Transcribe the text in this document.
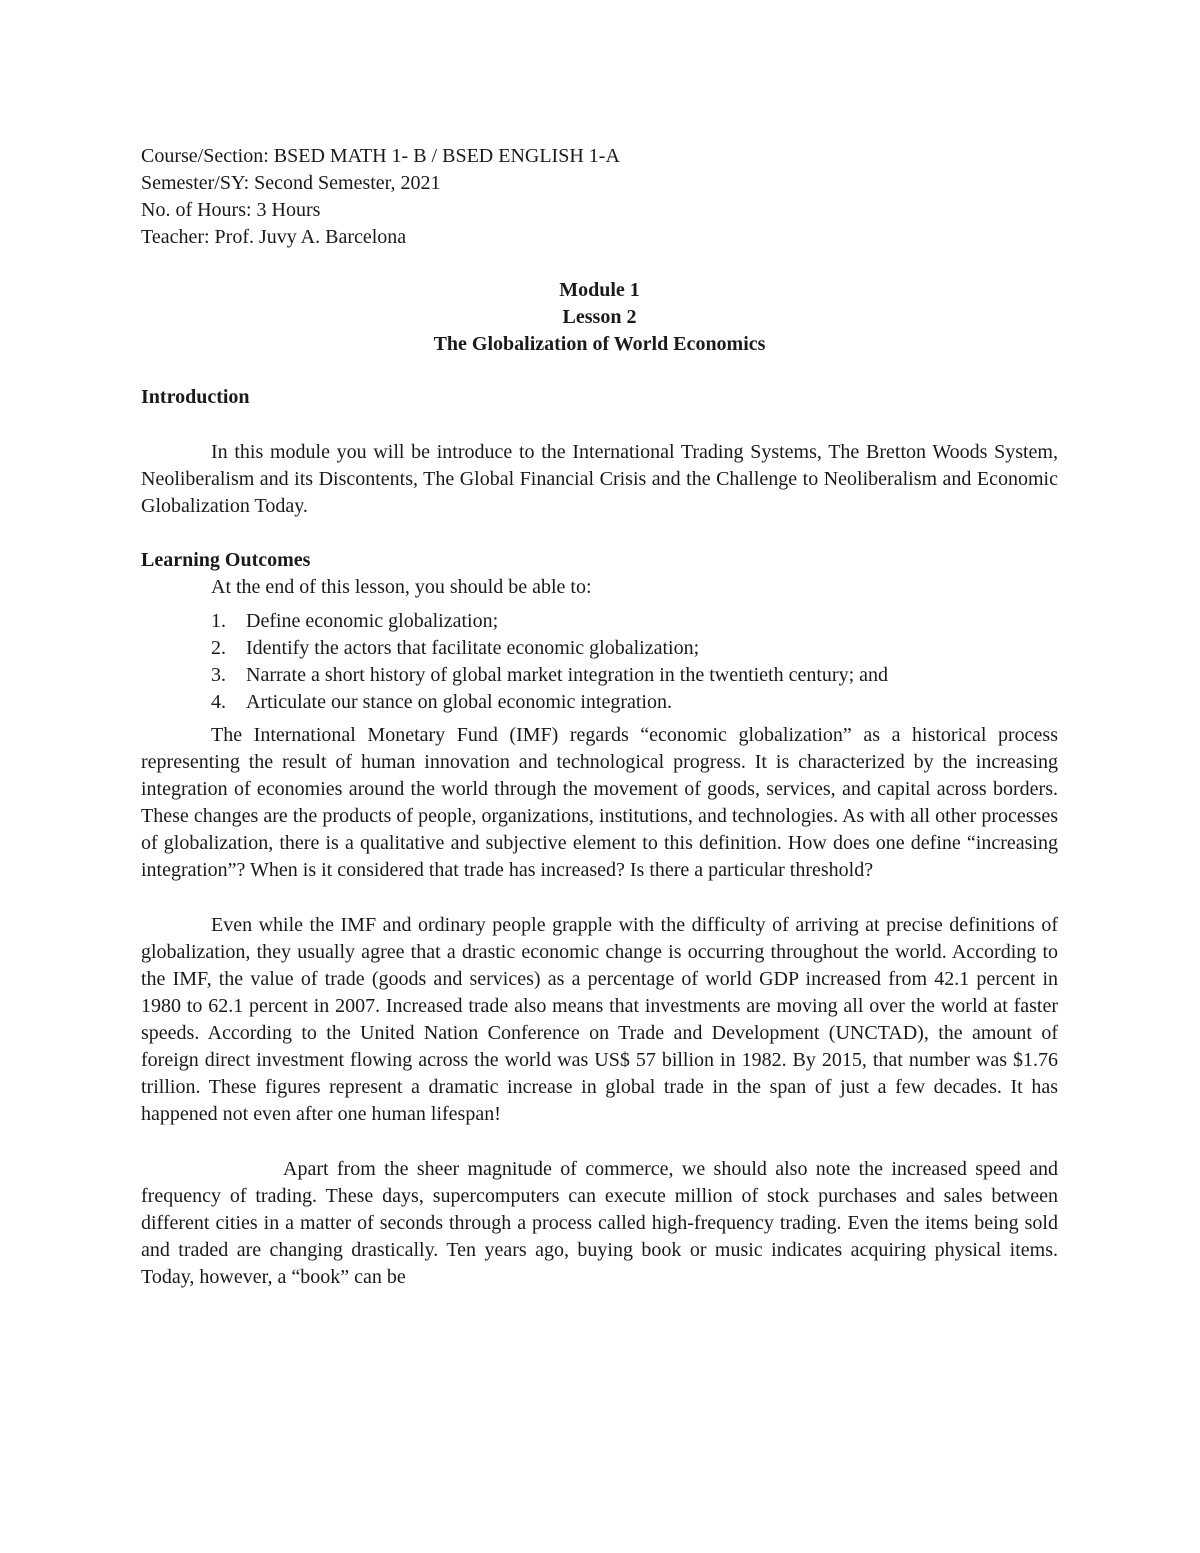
Course/Section: BSED MATH 1- B / BSED ENGLISH 1-A

Semester/SY: Second Semester, 2021

No. of Hours: 3 Hours

Teacher: Prof. Juvy A. Barcelona

Module 1
Lesson 2
The Globalization of World Economics

Introduction

In this module you will be introduce to the International Trading Systems, The Bretton Woods System, Neoliberalism and its Discontents, The Global Financial Crisis and the Challenge to Neoliberalism and Economic Globalization Today.

Learning Outcomes

At the end of this lesson, you should be able to:

1. Define economic globalization;
2. Identify the actors that facilitate economic globalization;
3. Narrate a short history of global market integration in the twentieth century; and
4. Articulate our stance on global economic integration.

The International Monetary Fund (IMF) regards “economic globalization” as a historical process representing the result of human innovation and technological progress. It is characterized by the increasing integration of economies around the world through the movement of goods, services, and capital across borders. These changes are the products of people, organizations, institutions, and technologies. As with all other processes of globalization, there is a qualitative and subjective element to this definition. How does one define “increasing integration”? When is it considered that trade has increased? Is there a particular threshold?

Even while the IMF and ordinary people grapple with the difficulty of arriving at precise definitions of globalization, they usually agree that a drastic economic change is occurring throughout the world. According to the IMF, the value of trade (goods and services) as a percentage of world GDP increased from 42.1 percent in 1980 to 62.1 percent in 2007. Increased trade also means that investments are moving all over the world at faster speeds. According to the United Nation Conference on Trade and Development (UNCTAD), the amount of foreign direct investment flowing across the world was US$ 57 billion in 1982. By 2015, that number was $1.76 trillion. These figures represent a dramatic increase in global trade in the span of just a few decades. It has happened not even after one human lifespan!

Apart from the sheer magnitude of commerce, we should also note the increased speed and frequency of trading. These days, supercomputers can execute million of stock purchases and sales between different cities in a matter of seconds through a process called high-frequency trading. Even the items being sold and traded are changing drastically. Ten years ago, buying book or music indicates acquiring physical items. Today, however, a “book” can be
